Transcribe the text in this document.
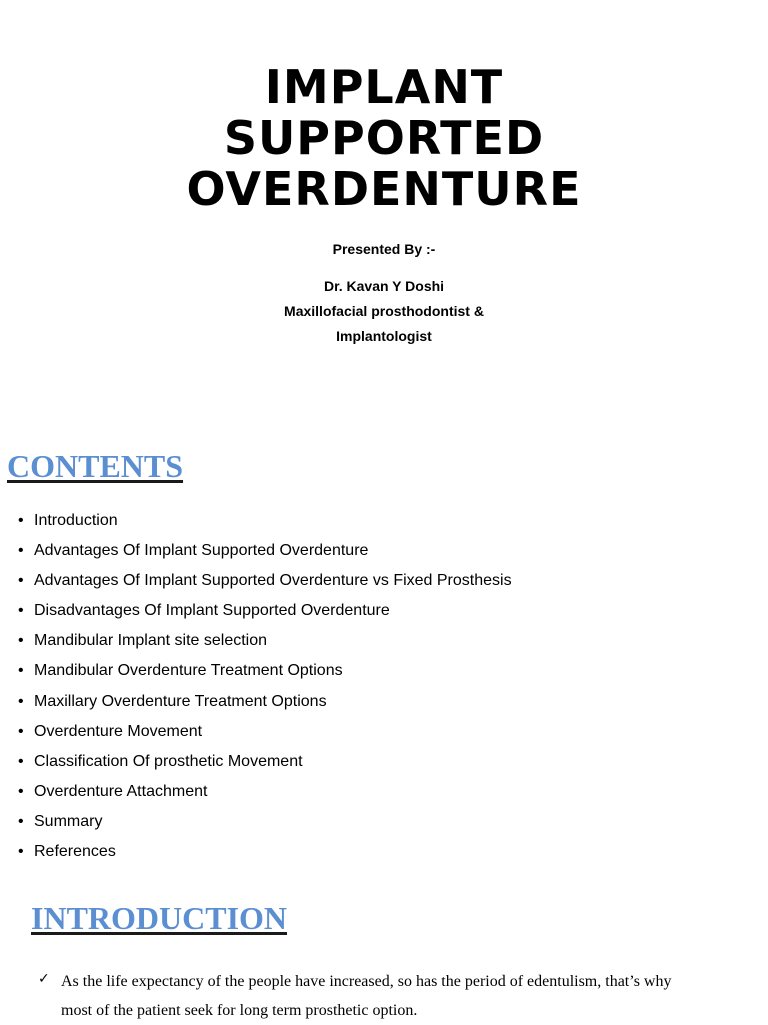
IMPLANT
SUPPORTED
OVERDENTURE
Presented By :-
Dr. Kavan Y Doshi
Maxillofacial prosthodontist &
Implantologist
CONTENTS
• Introduction
• Advantages Of Implant Supported Overdenture
• Advantages Of Implant Supported Overdenture vs Fixed Prosthesis
• Disadvantages Of Implant Supported Overdenture
• Mandibular Implant site selection
• Mandibular Overdenture Treatment Options
• Maxillary Overdenture Treatment Options
• Overdenture Movement
• Classification Of prosthetic Movement
• Overdenture Attachment
• Summary
• References
INTRODUCTION
✓ As the life expectancy of the people have increased, so has the period of edentulism, that’s why most of the patient seek for long term prosthetic option.
